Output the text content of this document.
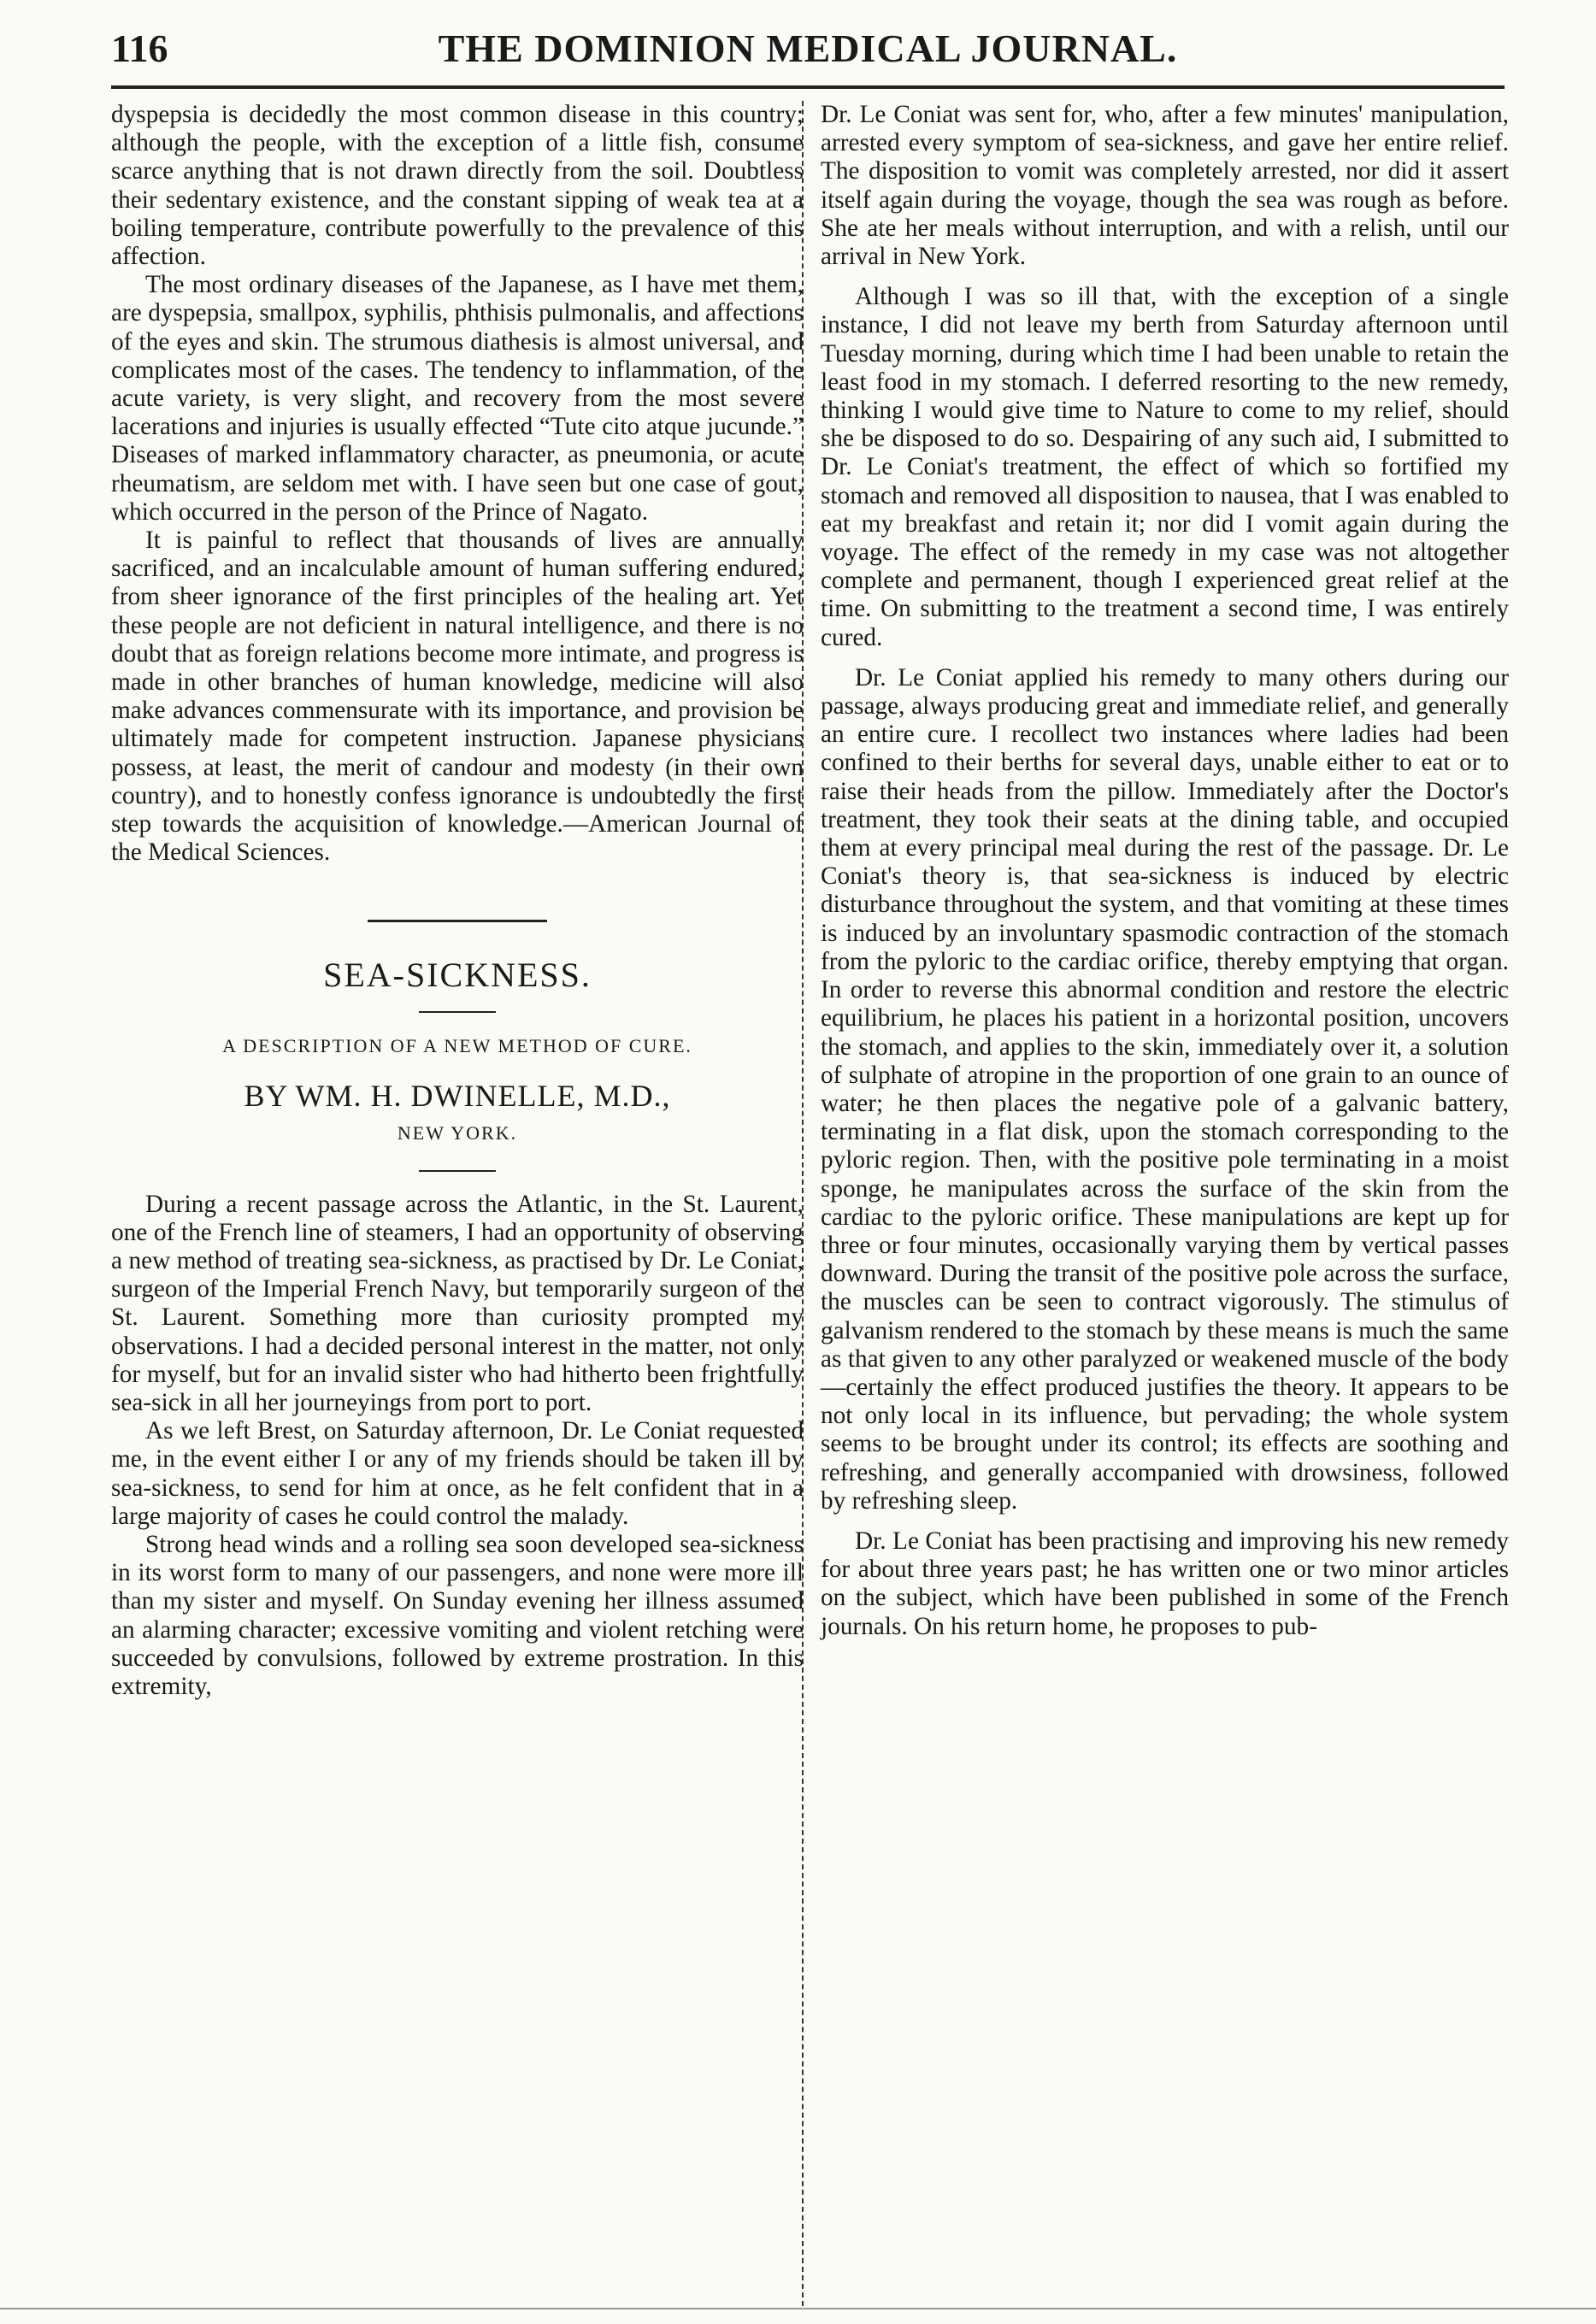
116	THE DOMINION MEDICAL JOURNAL.

dyspepsia is decidedly the most common disease in this country; although the people, with the exception of a little fish, consume scarce anything that is not drawn directly from the soil. Doubtless their sedentary existence, and the constant sipping of weak tea at a boiling temperature, contribute powerfully to the prevalence of this affection.

The most ordinary diseases of the Japanese, as I have met them, are dyspepsia, smallpox, syphilis, phthisis pulmonalis, and affections of the eyes and skin. The strumous diathesis is almost universal, and complicates most of the cases. The tendency to inflammation, of the acute variety, is very slight, and recovery from the most severe lacerations and injuries is usually effected “Tute cito atque jucunde.” Diseases of marked inflammatory character, as pneumonia, or acute rheumatism, are seldom met with. I have seen but one case of gout, which occurred in the person of the Prince of Nagato.

It is painful to reflect that thousands of lives are annually sacrificed, and an incalculable amount of human suffering endured, from sheer ignorance of the first principles of the healing art. Yet these people are not deficient in natural intelligence, and there is no doubt that as foreign relations become more intimate, and progress is made in other branches of human knowledge, medicine will also make advances commensurate with its importance, and provision be ultimately made for competent instruction. Japanese physicians possess, at least, the merit of candour and modesty (in their own country), and to honestly confess ignorance is undoubtedly the first step towards the acquisition of knowledge.—American Journal of the Medical Sciences.

SEA-SICKNESS.
A DESCRIPTION OF A NEW METHOD OF CURE.
BY WM. H. DWINELLE, M.D.,
NEW YORK.

During a recent passage across the Atlantic, in the St. Laurent, one of the French line of steamers, I had an opportunity of observing a new method of treating sea-sickness, as practised by Dr. Le Coniat, surgeon of the Imperial French Navy, but temporarily surgeon of the St. Laurent. Something more than curiosity prompted my observations. I had a decided personal interest in the matter, not only for myself, but for an invalid sister who had hitherto been frightfully sea-sick in all her journeyings from port to port.

As we left Brest, on Saturday afternoon, Dr. Le Coniat requested me, in the event either I or any of my friends should be taken ill by sea-sickness, to send for him at once, as he felt confident that in a large majority of cases he could control the malady.

Strong head winds and a rolling sea soon developed sea-sickness in its worst form to many of our passengers, and none were more ill than my sister and myself. On Sunday evening her illness assumed an alarming character; excessive vomiting and violent retching were succeeded by convulsions, followed by extreme prostration. In this extremity,

Dr. Le Coniat was sent for, who, after a few minutes' manipulation, arrested every symptom of sea-sickness, and gave her entire relief. The disposition to vomit was completely arrested, nor did it assert itself again during the voyage, though the sea was rough as before. She ate her meals without interruption, and with a relish, until our arrival in New York.

Although I was so ill that, with the exception of a single instance, I did not leave my berth from Saturday afternoon until Tuesday morning, during which time I had been unable to retain the least food in my stomach. I deferred resorting to the new remedy, thinking I would give time to Nature to come to my relief, should she be disposed to do so. Despairing of any such aid, I submitted to Dr. Le Coniat's treatment, the effect of which so fortified my stomach and removed all disposition to nausea, that I was enabled to eat my breakfast and retain it; nor did I vomit again during the voyage. The effect of the remedy in my case was not altogether complete and permanent, though I experienced great relief at the time. On submitting to the treatment a second time, I was entirely cured.

Dr. Le Coniat applied his remedy to many others during our passage, always producing great and immediate relief, and generally an entire cure. I recollect two instances where ladies had been confined to their berths for several days, unable either to eat or to raise their heads from the pillow. Immediately after the Doctor's treatment, they took their seats at the dining table, and occupied them at every principal meal during the rest of the passage. Dr. Le Coniat's theory is, that sea-sickness is induced by electric disturbance throughout the system, and that vomiting at these times is induced by an involuntary spasmodic contraction of the stomach from the pyloric to the cardiac orifice, thereby emptying that organ. In order to reverse this abnormal condition and restore the electric equilibrium, he places his patient in a horizontal position, uncovers the stomach, and applies to the skin, immediately over it, a solution of sulphate of atropine in the proportion of one grain to an ounce of water; he then places the negative pole of a galvanic battery, terminating in a flat disk, upon the stomach corresponding to the pyloric region. Then, with the positive pole terminating in a moist sponge, he manipulates across the surface of the skin from the cardiac to the pyloric orifice. These manipulations are kept up for three or four minutes, occasionally varying them by vertical passes downward. During the transit of the positive pole across the surface, the muscles can be seen to contract vigorously. The stimulus of galvanism rendered to the stomach by these means is much the same as that given to any other paralyzed or weakened muscle of the body—certainly the effect produced justifies the theory. It appears to be not only local in its influence, but pervading; the whole system seems to be brought under its control; its effects are soothing and refreshing, and generally accompanied with drowsiness, followed by refreshing sleep.

Dr. Le Coniat has been practising and improving his new remedy for about three years past; he has written one or two minor articles on the subject, which have been published in some of the French journals. On his return home, he proposes to pub-
